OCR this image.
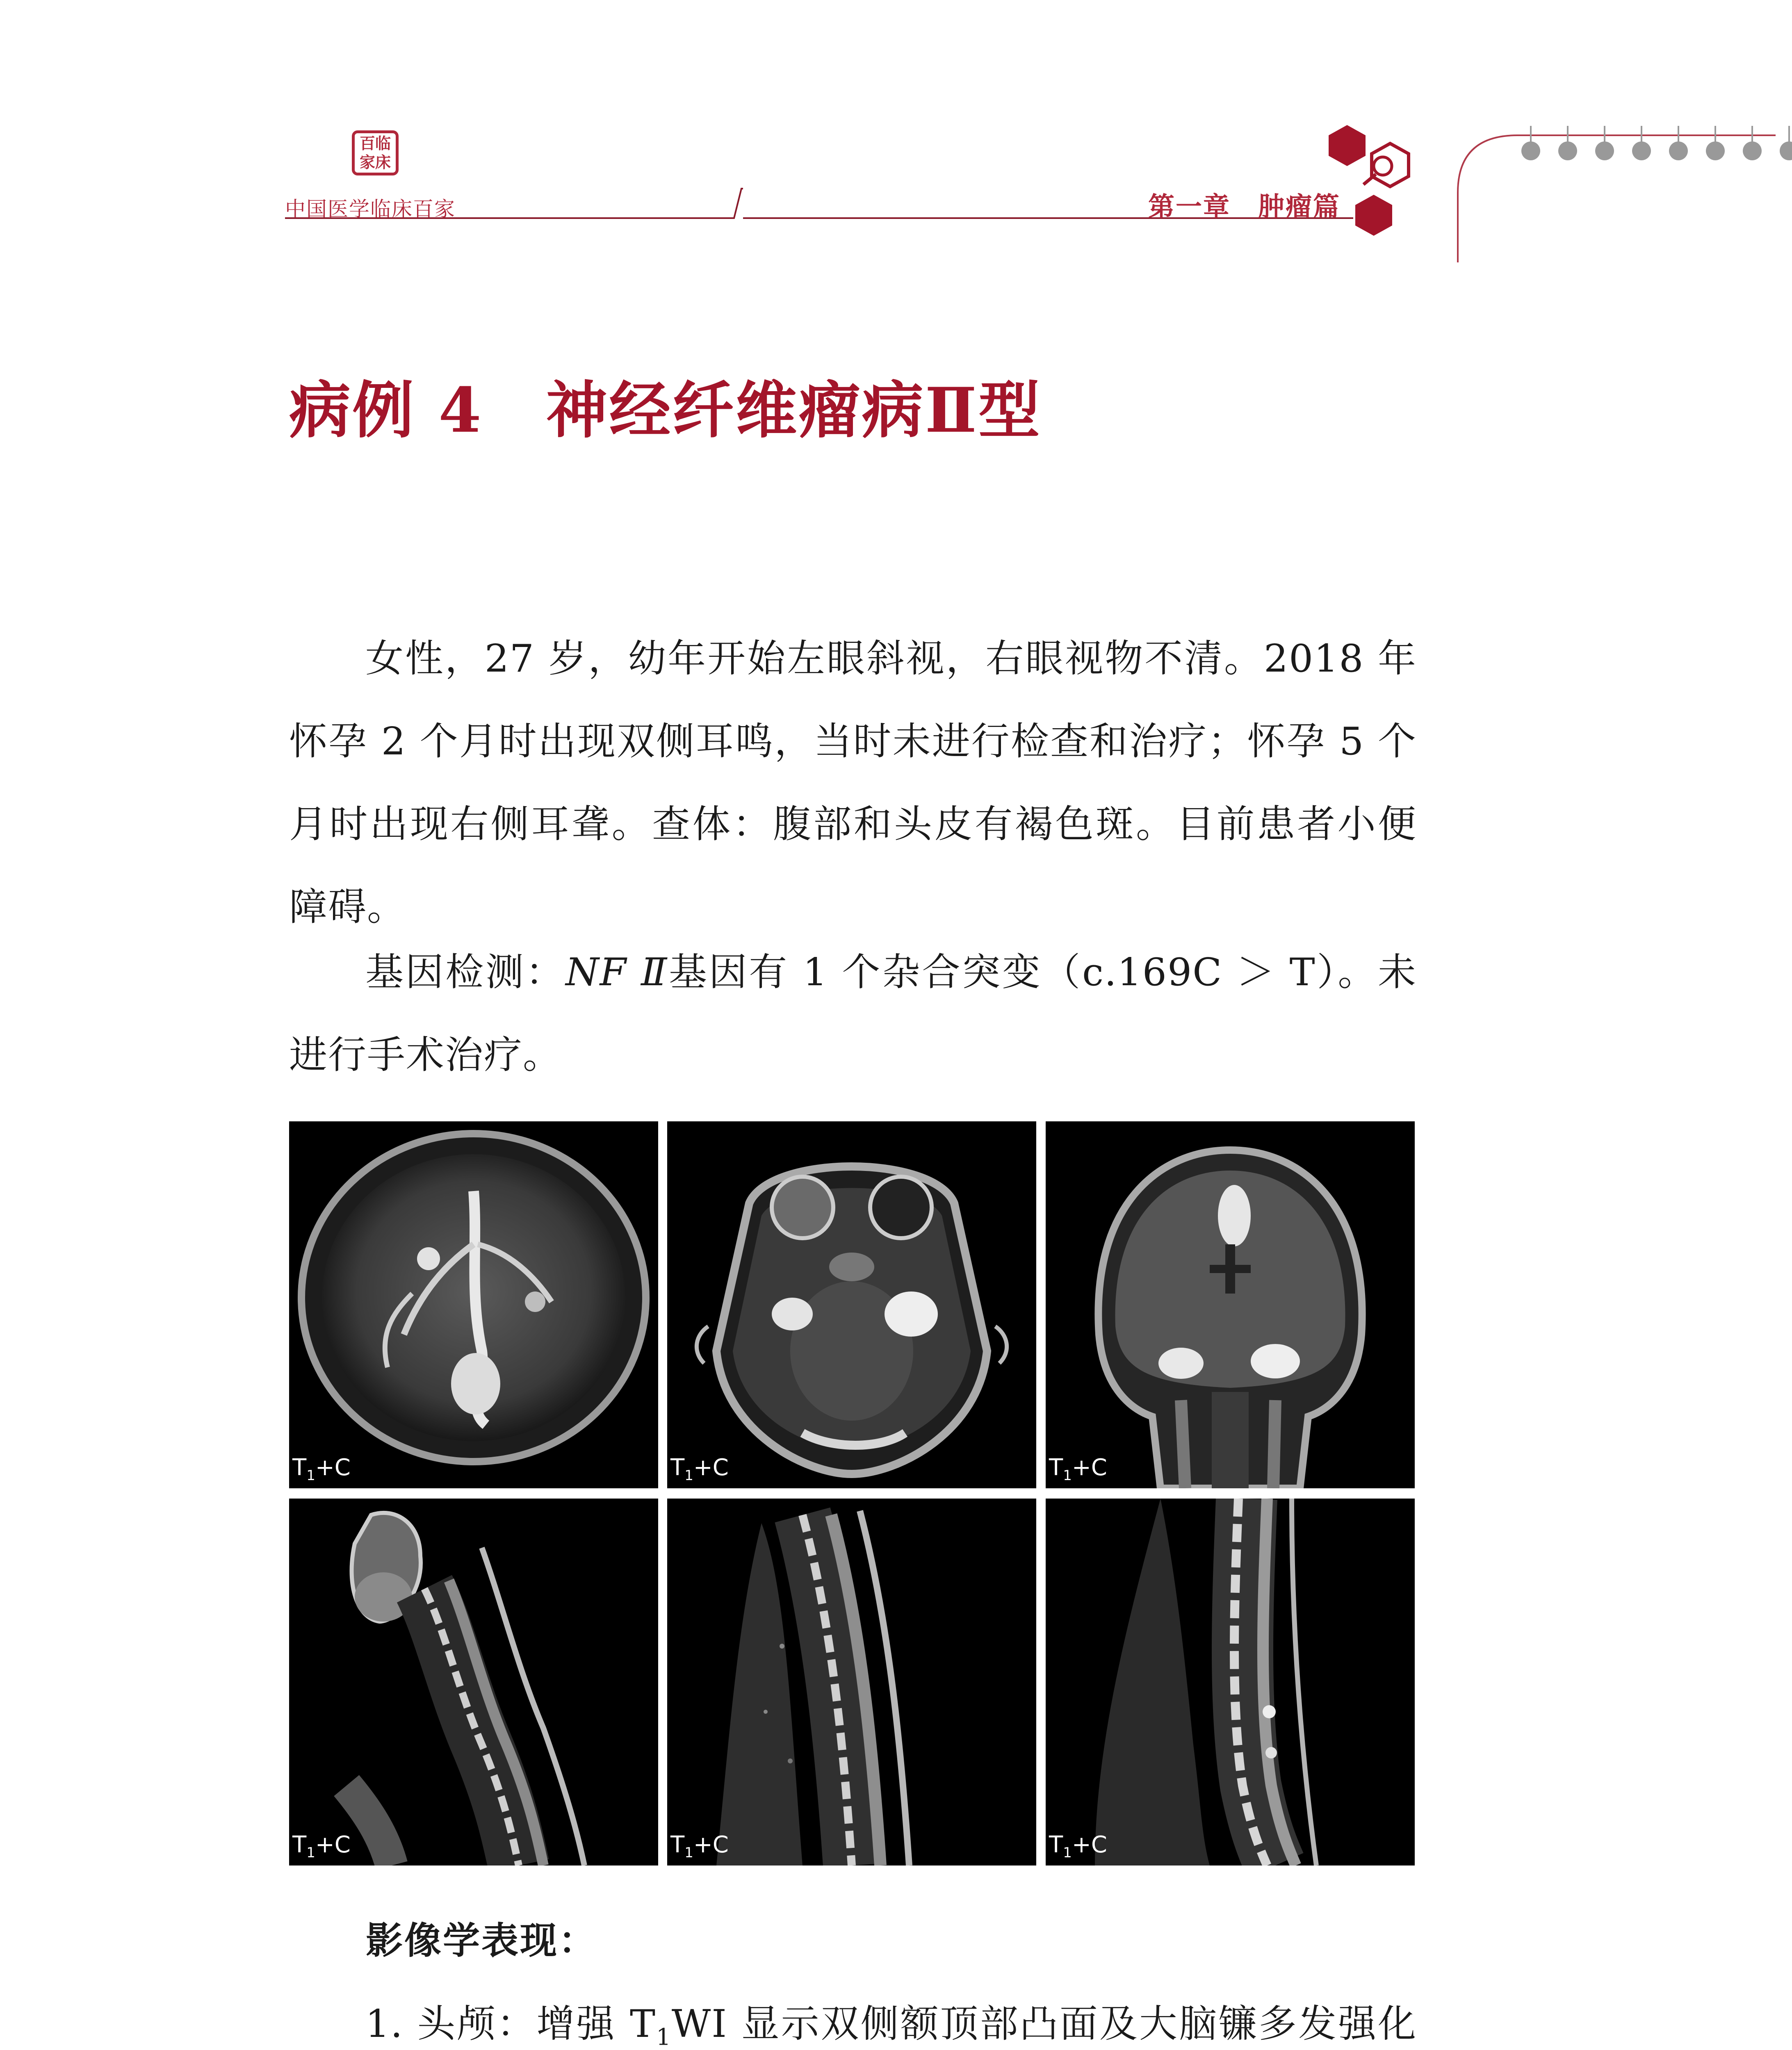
百临家床
中国医学临床百家	第一章　肿瘤篇
病例 4　神经纤维瘤病Ⅱ型
女性，27 岁，幼年开始左眼斜视，右眼视物不清。2018 年怀孕 2 个月时出现双侧耳鸣，当时未进行检查和治疗；怀孕 5 个月时出现右侧耳聋。查体：腹部和头皮有褐色斑。目前患者小便障碍。
基因检测：NF Ⅱ基因有 1 个杂合突变（c.169C ＞ T）。未进行手术治疗。
$T_1+C$	$T_1+C$	$T_1+C$
$T_1+C$	$T_1+C$	$T_1+C$
影像学表现：
1. 头颅：增强 $T_1WI$ 显示双侧额顶部凸面及大脑镰多发强化
